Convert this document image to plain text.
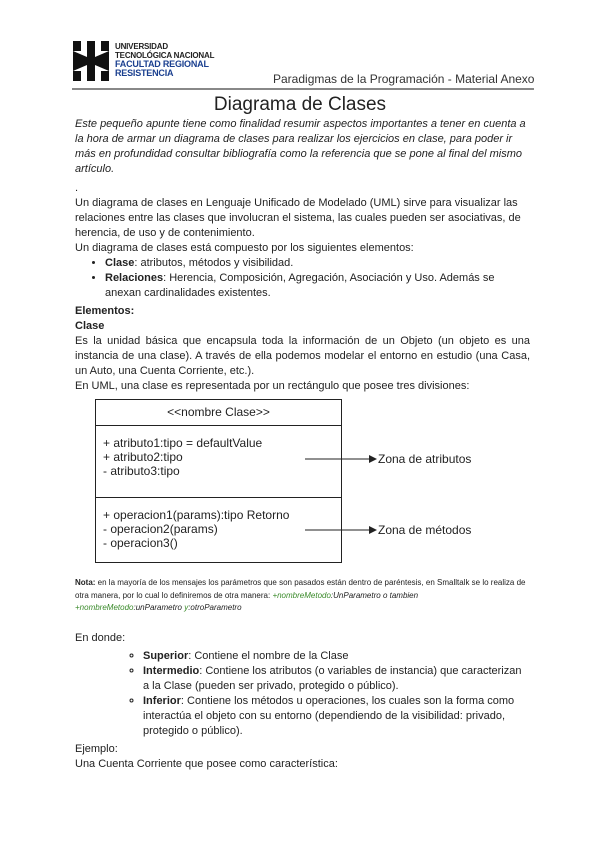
UNIVERSIDAD
TECNOLÓGICA NACIONAL
FACULTAD REGIONAL
RESISTENCIA	Paradigmas de la Programación - Material Anexo
Diagrama de Clases

Este pequeño apunte tiene como finalidad resumir aspectos importantes a tener en cuenta a la hora de armar un diagrama de clases para realizar los ejercicios en clase, para poder ir más en profundidad consultar bibliografía como la referencia que se pone al final del mismo artículo.

.

Un diagrama de clases en Lenguaje Unificado de Modelado (UML) sirve para visualizar las relaciones entre las clases que involucran el sistema, las cuales pueden ser asociativas, de herencia, de uso y de contenimiento.

Un diagrama de clases está compuesto por los siguientes elementos:

• Clase: atributos, métodos y visibilidad.
• Relaciones: Herencia, Composición, Agregación, Asociación y Uso. Además se anexan cardinalidades existentes.

Elementos:

Clase

Es la unidad básica que encapsula toda la información de un Objeto (un objeto es una instancia de una clase). A través de ella podemos modelar el entorno en estudio (una Casa, un Auto, una Cuenta Corriente, etc.).

En UML, una clase es representada por un rectángulo que posee tres divisiones:

<<nombre Clase>>
+ atributo1:tipo = defaultValue
+ atributo2:tipo
- atributo3:tipo
+ operacion1(params):tipo Retorno
- operacion2(params)
- operacion3()
Zona de atributos
Zona de métodos
Nota: en la mayoría de los mensajes los parámetros que son pasados están dentro de paréntesis, en Smalltalk se lo realiza de otra manera, por lo cual lo definiremos de otra manera: +nombreMetodo:UnParametro o tambien
+nombreMetodo:unParametro y:otroParametro

En donde:

◦ Superior: Contiene el nombre de la Clase
◦ Intermedio: Contiene los atributos (o variables de instancia) que caracterizan a la Clase (pueden ser privado, protegido o público).
◦ Inferior: Contiene los métodos u operaciones, los cuales son la forma como interactúa el objeto con su entorno (dependiendo de la visibilidad: privado, protegido o público).

Ejemplo:

Una Cuenta Corriente que posee como característica:
